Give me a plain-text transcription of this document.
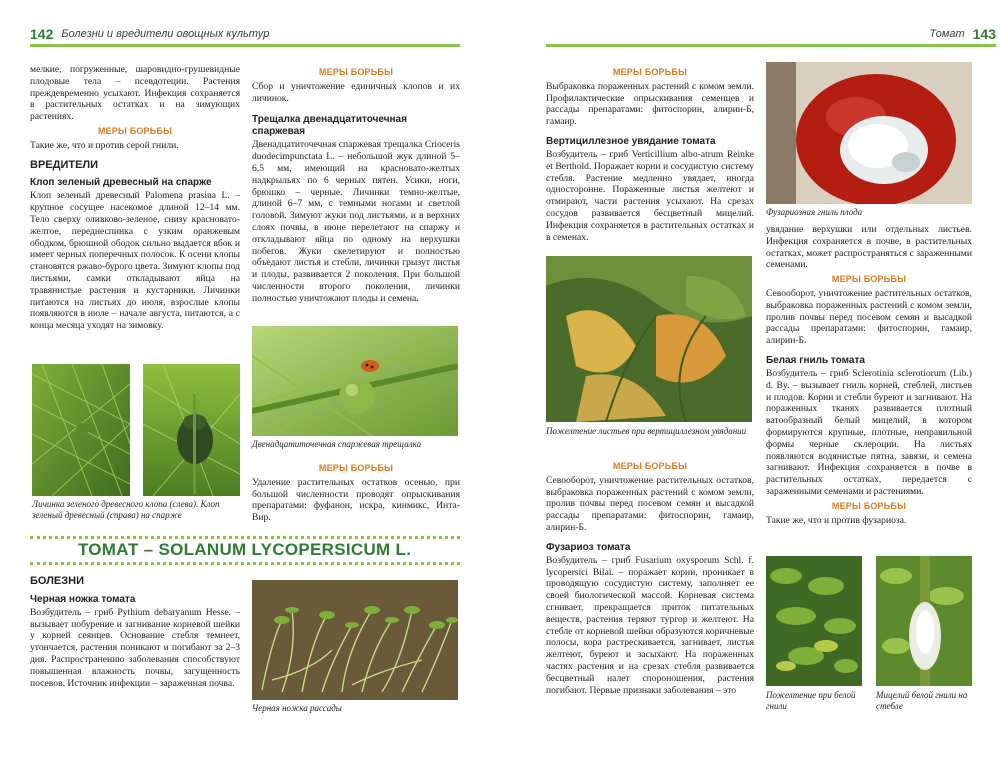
142 Болезни и вредители овощных культур

мелкие, погруженные, шаровидно-грушевидные плодовые тела – псевдотеции. Растения преждевременно усыхают. Инфекция сохраняется в растительных остатках и на зимующих растениях.

МЕРЫ БОРЬБЫ

Такие же, что и против серой гнили.

ВРЕДИТЕЛИ
Клоп зеленый древесный на спарже

Клоп зеленый древесный Palomena prasina L. – крупное сосущее насекомое длиной 12–14 мм. Тело сверху оливково-зеленое, снизу красновато-желтое, переднеспинка с узким оранжевым ободком, брюшной ободок сильно выдается вбок и имеет черных поперечных полосок. К осени клопы становятся ржаво-бурого цвета. Зимуют клопы под листьями, самки откладывают яйца на травянистые растения и кустарники. Личинки питаются на листьях до июля, взрослые клопы появляются в июле – начале августа, питаются, а с конца месяца уходят на зимовку.

Личинка зеленого древесного клопа (слева). Клоп зеленый древесный (справа) на спарже
МЕРЫ БОРЬБЫ

Сбор и уничтожение единичных клопов и их личинок.

Трещалка двенадцатиточечная спаржевая

Двенадцатиточечная спаржевая трещалка Crioceris duodecimpunctata L. – небольшой жук длиной 5–6,5 мм, имеющий на красновато-желтых надкрыльях по 6 черных пятен. Усики, ноги, брюшко – черные. Личинки темно-желтые, длиной 6–7 мм, с темными ногами и светлой головой. Зимуют жуки под листьями, и в верхних слоях почвы, в июне перелетают на спаржу и откладывают яйца по одному на верхушки побегов. Жуки скелетируют и полностью объедают листья и стебли, личинки грызут листья и плоды, развивается 2 поколения. При большой численности второго поколения, личинки полностью уничтожают плоды и семена.

Двенадцатиточечная спаржевая трещалка
МЕРЫ БОРЬБЫ

Удаление растительных остатков осенью, при большой численности проводят опрыскивания препаратами: фуфанон, искра, кинмикс, Инта-Вир.

ТОМАТ – SOLANUM LYCOPERSICUM L.
БОЛЕЗНИ
Черная ножка томата

Возбудитель – гриб Pythium debaryanum Hesse. – вызывает побурение и загнивание корневой шейки у корней сеянцев. Основание стебля темнеет, утончается, растения поникают и погибают за 2–3 дня. Распространению заболевания способствуют повышенная влажность почвы, загущенность посевов. Источник инфекции – зараженная почва.

Черная ножка рассады
Томат 143
МЕРЫ БОРЬБЫ

Выбраковка пораженных растений с комом земли. Профилактические опрыскивания семенцев и рассады препаратами: фитоспорин, алирин-Б, гамаир.

Вертициллезное увядание томата

Возбудитель – гриб Verticillium albo-atrum Reinke et Berthold. Поражает корни и сосудистую систему стебля. Растение медленно увядает, иногда односторонне. Пораженные листья желтеют и отмирают, части растения усыхают. На срезах сосудов развивается бесцветный мицелий. Инфекция сохраняется в растительных остатках и в семенах.

Фузариозная гниль плода
Пожелтение листьев при вертициллезном увядании

увядание верхушки или отдельных листьев. Инфекция сохраняется в почве, в растительных остатках, может распространяться с зараженными семенами.

МЕРЫ БОРЬБЫ

Севооборот, уничтожение растительных остатков, выбраковка пораженных растений с комом земли, пролив почвы перед посевом семян и высадкой рассады препаратами: фитоспорин, гамаир, алирин-Б.

Белая гниль томата

Возбудитель – гриб Sclerotinia sclerotiorum (Lib.) d. By. – вызывает гниль корней, стеблей, листьев и плодов. Корни и стебли буреют и загнивают. На пораженных тканях развивается плотный ватообразный белый мицелий, в котором формируются крупные, плотные, неправильной формы черные склероции. На листьях появляются водянистые пятна, завязи, и семена загнивают. Инфекция сохраняется в почве в растительных остатках, передается с зараженными семенами и растениями.

МЕРЫ БОРЬБЫ

Такие же, что и против фузариоза.

МЕРЫ БОРЬБЫ

Севооборот, уничтожение растительных остатков, выбраковка пораженных растений с комом земли, пролив почвы перед посевом семян и высадкой рассады препаратами: фитоспорин, гамаир, алирин-Б.

Фузариоз томата

Возбудитель – гриб Fusarium oxysporum Schl. f. lycopersici Bilai. – поражает корни, проникает в проводящую сосудистую систему, заполняет ее своей биологической массой. Корневая система сгнивает, прекращается приток питательных веществ, растения теряют тургор и желтеют. На стебле от корневой шейки образуются коричневые полосы, кора растрескивается, загнивает, листья желтеют, буреют и засыхают. На пораженных частях растения и на срезах стебля развивается бесцветный налет спороношения, растения погибают. Первые признаки заболевания – это	Пожелтение при белой гнили
Мицелий белой гнили на стебле
